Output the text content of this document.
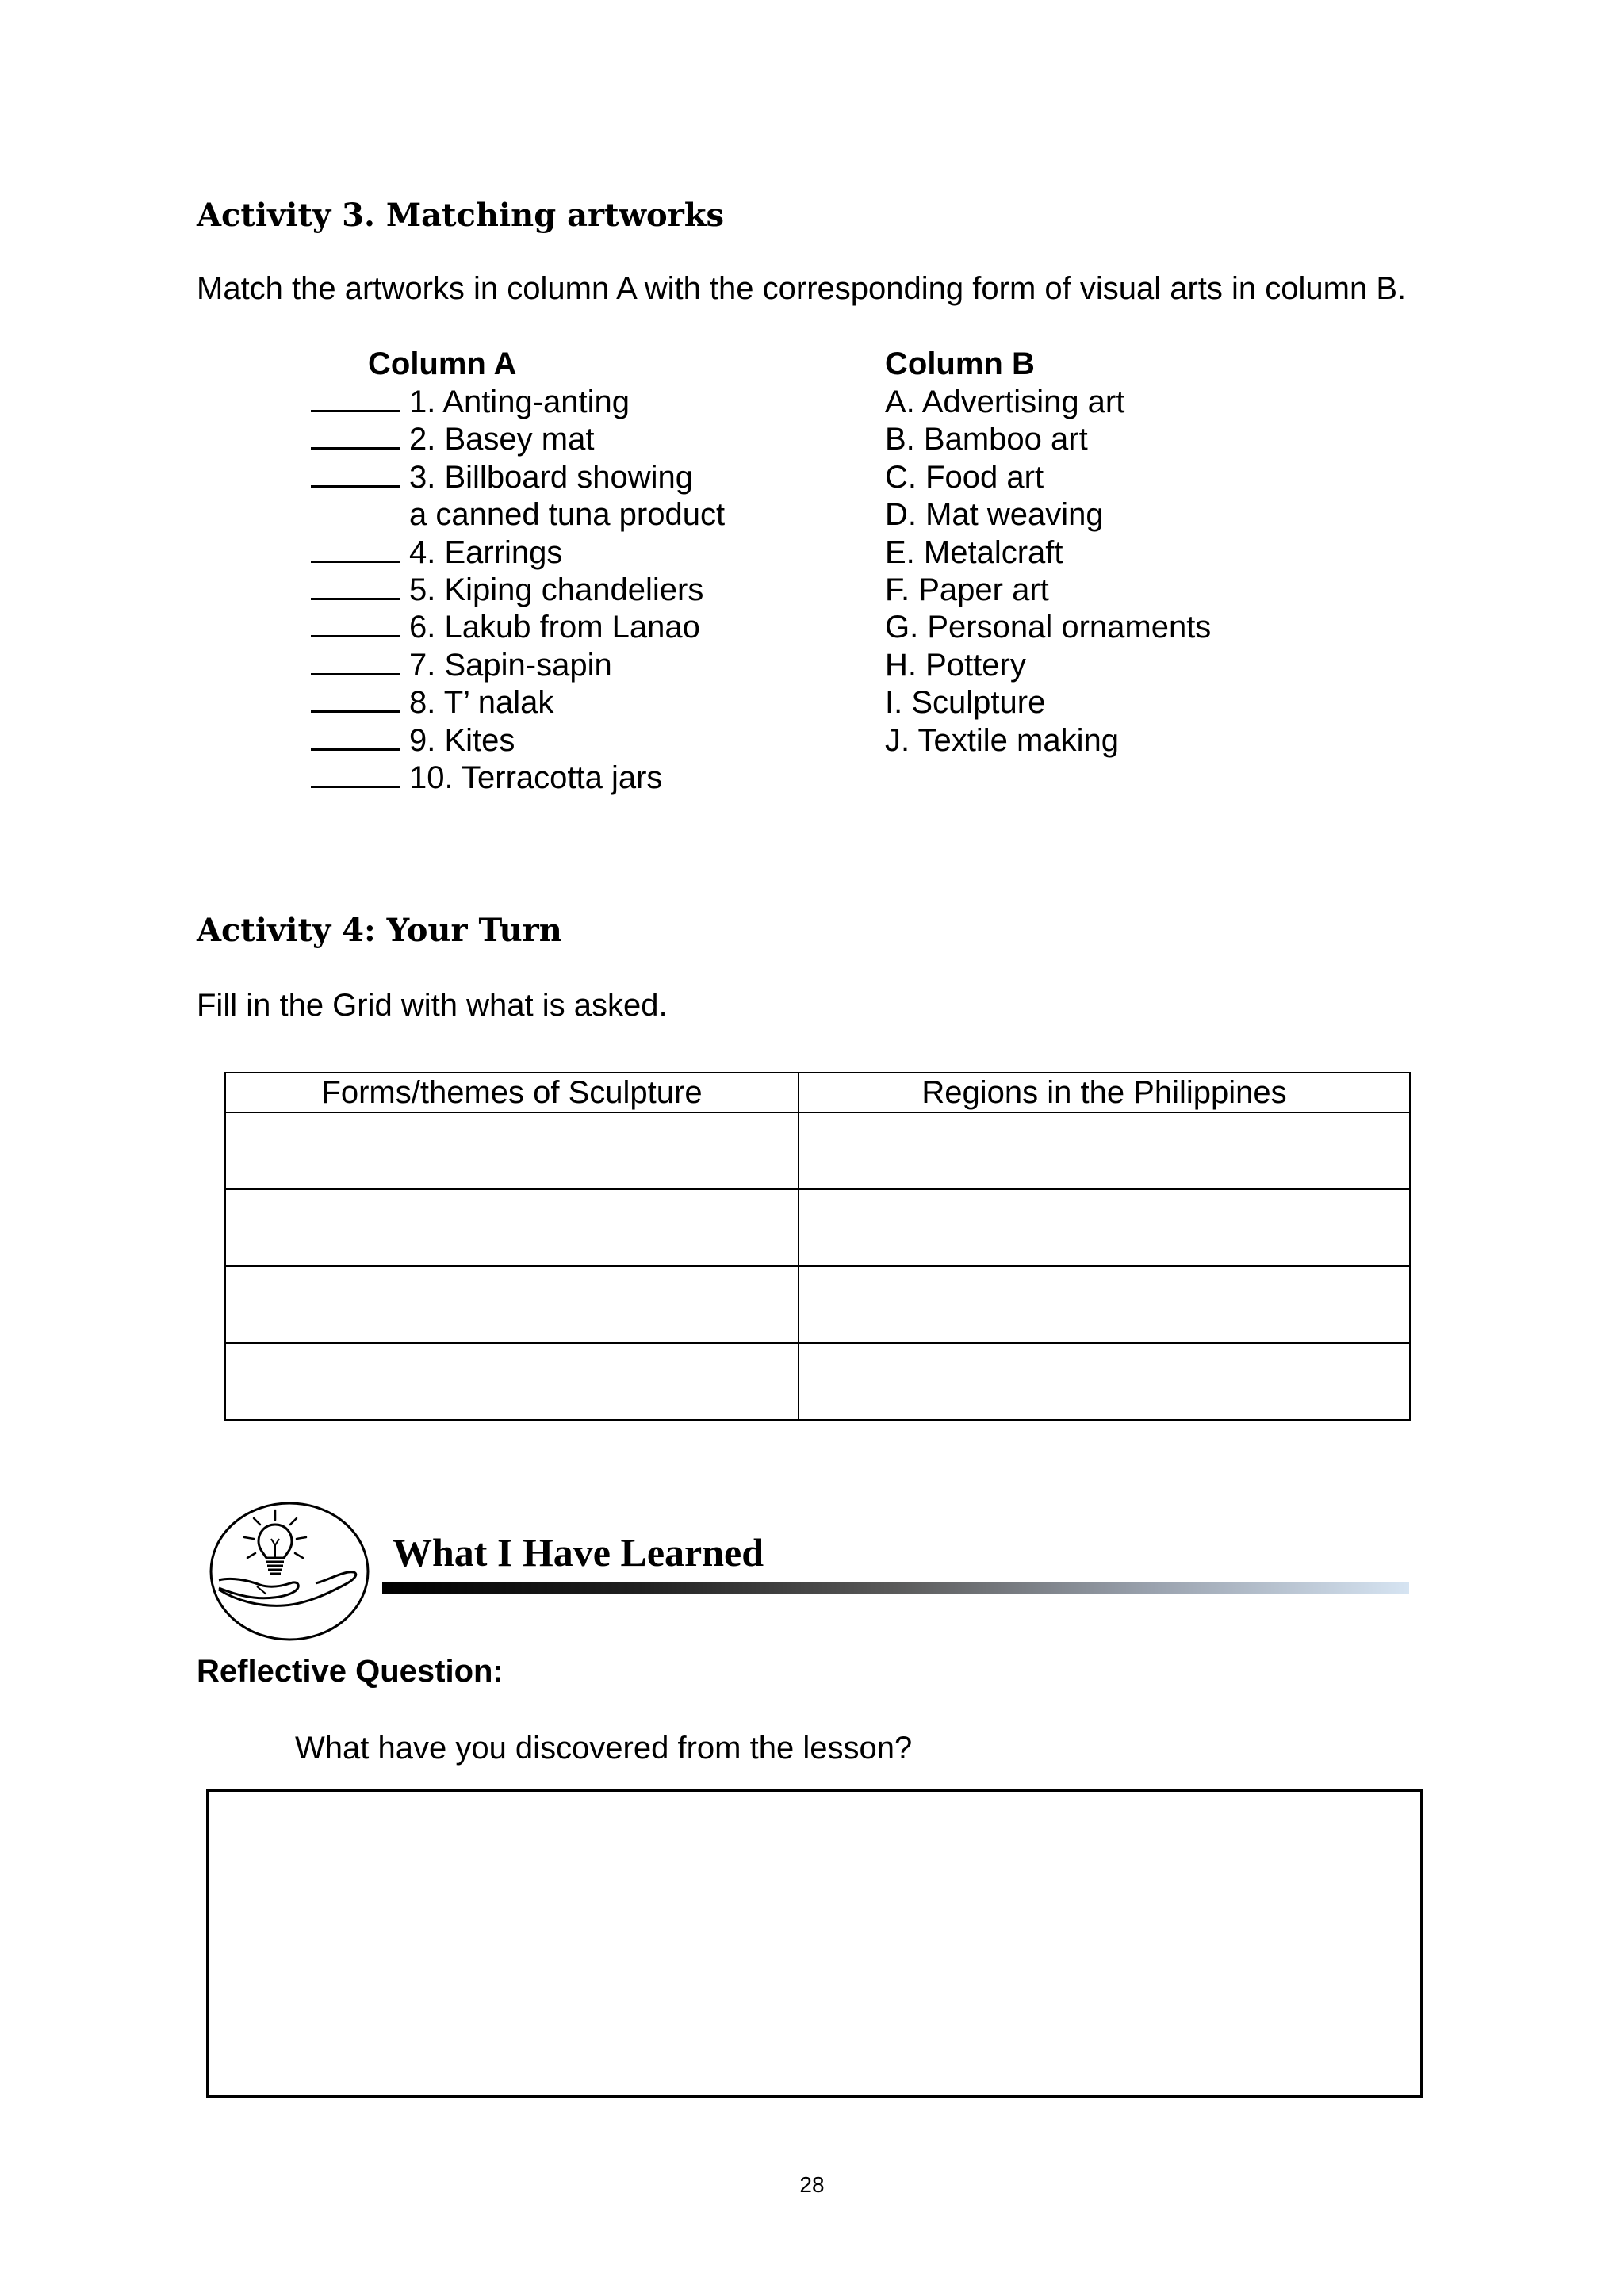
Activity 3. Matching artworks
Match the artworks in column A with the corresponding form of visual arts in column B.
Column A
1. Anting-anting
2. Basey mat
3. Billboard showing
a canned tuna product
4. Earrings
5. Kiping chandeliers
6. Lakub from Lanao
7. Sapin-sapin
8. T’ nalak
9. Kites
10. Terracotta jars
Column B
A. Advertising art
B. Bamboo art
C. Food art
D. Mat weaving
E. Metalcraft
F. Paper art
G. Personal ornaments
H. Pottery
I. Sculpture
J. Textile making
Activity 4: Your Turn
Fill in the Grid with what is asked.
Forms/themes of Sculpture	Regions in the Philippines

What I Have Learned
Reflective Question:
What have you discovered from the lesson?
28
